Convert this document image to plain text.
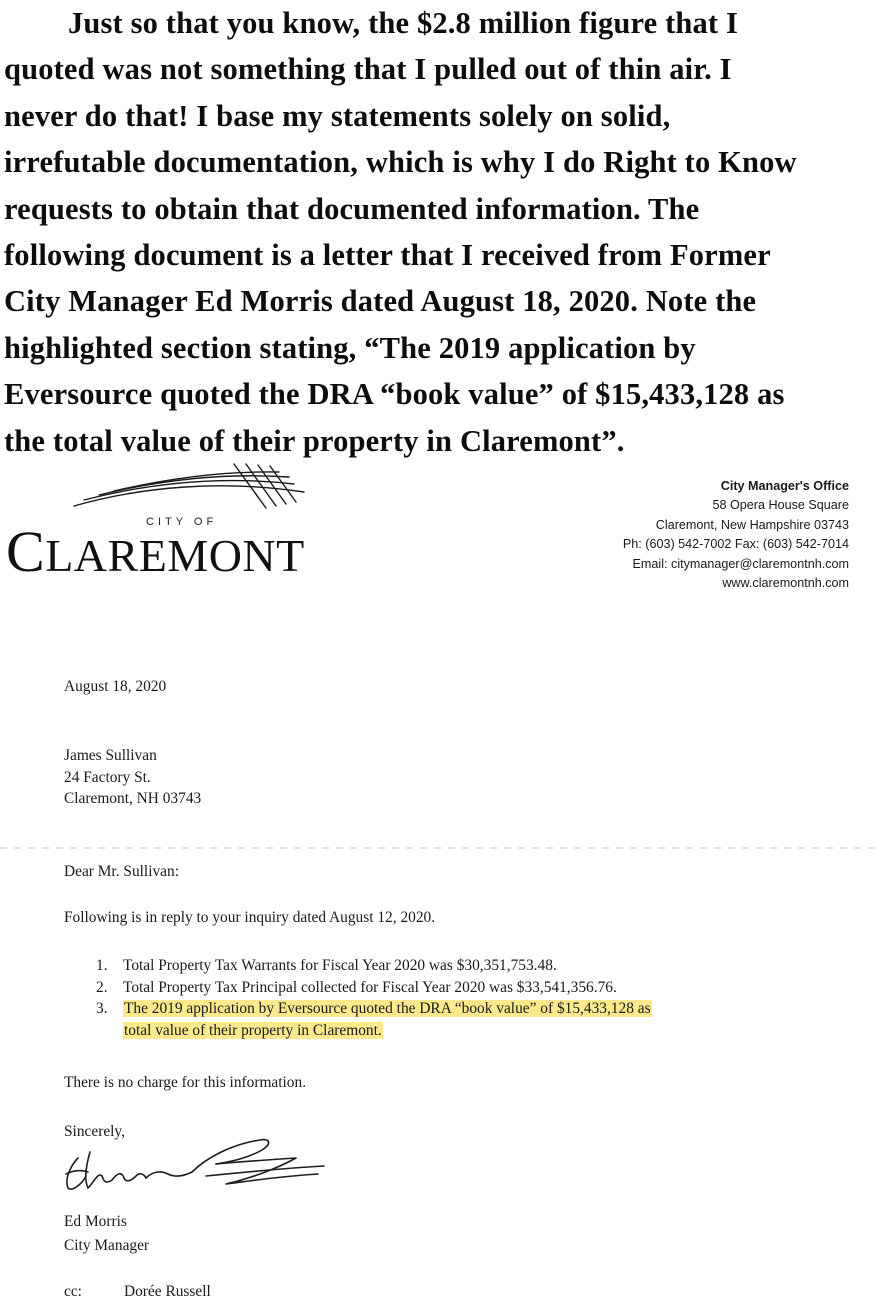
Just so that you know, the $2.8 million figure that I
quoted was not something that I pulled out of thin air. I
never do that! I base my statements solely on solid,
irrefutable documentation, which is why I do Right to Know
requests to obtain that documented information. The
following document is a letter that I received from Former
City Manager Ed Morris dated August 18, 2020. Note the
highlighted section stating, “The 2019 application by
Eversource quoted the DRA “book value” of $15,433,128 as
the total value of their property in Claremont”.
CITY OF
CLAREMONT
City Manager's Office
58 Opera House Square
Claremont, New Hampshire 03743
Ph: (603) 542-7002 Fax: (603) 542-7014
Email: citymanager@claremontnh.com
www.claremontnh.com
August 18, 2020
James Sullivan
24 Factory St.
Claremont, NH 03743
Dear Mr. Sullivan:
Following is in reply to your inquiry dated August 12, 2020.
1.	Total Property Tax Warrants for Fiscal Year 2020 was $30,351,753.48.
2.	Total Property Tax Principal collected for Fiscal Year 2020 was $33,541,356.76.
3.	The 2019 application by Eversource quoted the DRA “book value” of $15,433,128 as
total value of their property in Claremont.
There is no charge for this information.
Sincerely,
Ed Morris
City Manager
cc:	Dorée Russell
